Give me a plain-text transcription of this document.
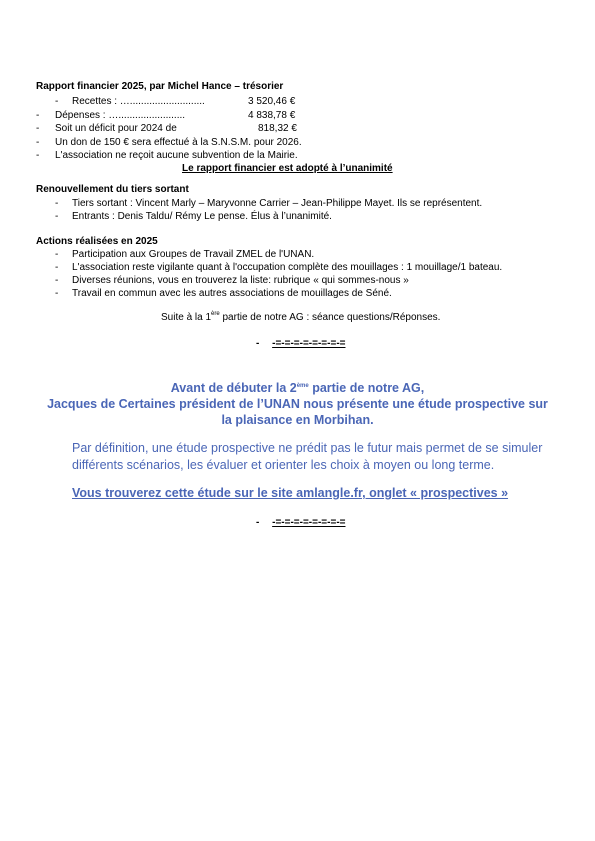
Rapport financier 2025, par Michel Hance – trésorier
- Recettes : …...........................	3 520,46 €
- Dépenses : …........................	4 838,78 €
- Soit un déficit pour 2024 de	818,32 €
- Un don de 150 € sera effectué à la S.N.S.M. pour 2026.
- L'association ne reçoit aucune subvention de la Mairie.
Le rapport financier est adopté à l’unanimité
Renouvellement du tiers sortant
- Tiers sortant : Vincent Marly – Maryvonne Carrier – Jean-Philippe Mayet. Ils se représentent.
- Entrants : Denis Taldu/ Rémy Le pense. Élus à l’unanimité.
Actions réalisées en 2025
- Participation aux Groupes de Travail ZMEL de l'UNAN.
- L'association reste vigilante quant à l'occupation complète des mouillages : 1 mouillage/1 bateau.
- Diverses réunions, vous en trouverez la liste: rubrique « qui sommes-nous »
- Travail en commun avec les autres associations de mouillages de Séné.
Suite à la 1ère partie de notre AG : séance questions/Réponses.
- -=-=-=-=-=-=-=-=
Avant de débuter la 2ème partie de notre AG,
Jacques de Certaines président de l’UNAN nous présente une étude prospective sur
la plaisance en Morbihan.
Par définition, une étude prospective ne prédit pas le futur mais permet de se simuler
différents scénarios, les évaluer et orienter les choix à moyen ou long terme.
Vous trouverez cette étude sur le site amlangle.fr, onglet « prospectives »
- -=-=-=-=-=-=-=-=
